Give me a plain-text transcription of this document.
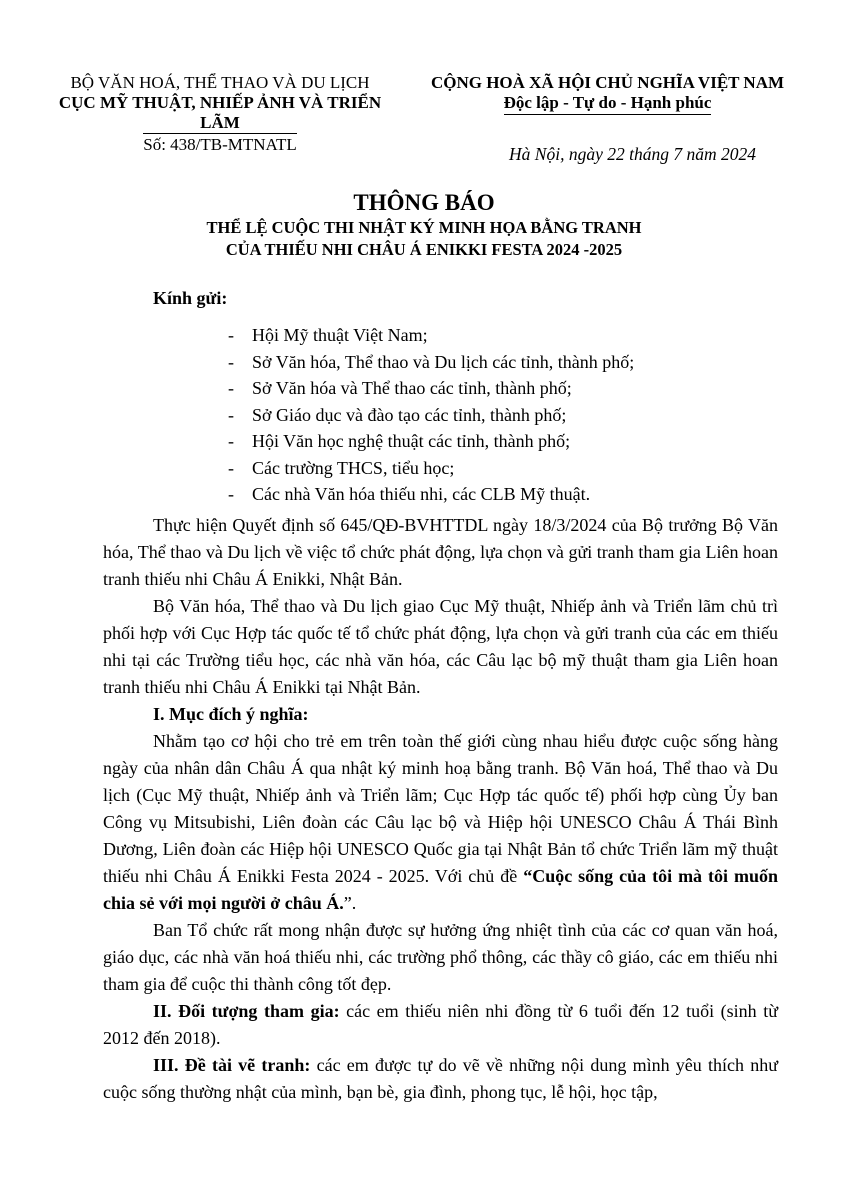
BỘ VĂN HOÁ, THỂ THAO VÀ DU LỊCH
CỤC MỸ THUẬT, NHIẾP ẢNH VÀ TRIỂN LÃM
Số: 438/TB-MTNATL
CỘNG HOÀ XÃ HỘI CHỦ NGHĨA VIỆT NAM
Độc lập - Tự do - Hạnh phúc
Hà Nội, ngày 22 tháng 7 năm 2024
THÔNG BÁO
THỂ LỆ CUỘC THI NHẬT KÝ MINH HỌA BẰNG TRANH
CỦA THIẾU NHI CHÂU Á ENIKKI FESTA 2024 -2025
Kính gửi:
- Hội Mỹ thuật Việt Nam;
- Sở Văn hóa, Thể thao và Du lịch các tỉnh, thành phố;
- Sở Văn hóa và Thể thao các tỉnh, thành phố;
- Sở Giáo dục và đào tạo các tỉnh, thành phố;
- Hội Văn học nghệ thuật các tỉnh, thành phố;
- Các trường THCS, tiểu học;
- Các nhà Văn hóa thiếu nhi, các CLB Mỹ thuật.

Thực hiện Quyết định số 645/QĐ-BVHTTDL ngày 18/3/2024 của Bộ trưởng Bộ Văn hóa, Thể thao và Du lịch về việc tổ chức phát động, lựa chọn và gửi tranh tham gia Liên hoan tranh thiếu nhi Châu Á Enikki, Nhật Bản.

Bộ Văn hóa, Thể thao và Du lịch giao Cục Mỹ thuật, Nhiếp ảnh và Triển lãm chủ trì phối hợp với Cục Hợp tác quốc tế tổ chức phát động, lựa chọn và gửi tranh của các em thiếu nhi tại các Trường tiểu học, các nhà văn hóa, các Câu lạc bộ mỹ thuật tham gia Liên hoan tranh thiếu nhi Châu Á Enikki tại Nhật Bản.

I. Mục đích ý nghĩa:

Nhằm tạo cơ hội cho trẻ em trên toàn thế giới cùng nhau hiểu được cuộc sống hàng ngày của nhân dân Châu Á qua nhật ký minh hoạ bằng tranh. Bộ Văn hoá, Thể thao và Du lịch (Cục Mỹ thuật, Nhiếp ảnh và Triển lãm; Cục Hợp tác quốc tế) phối hợp cùng Ủy ban Công vụ Mitsubishi, Liên đoàn các Câu lạc bộ và Hiệp hội UNESCO Châu Á Thái Bình Dương, Liên đoàn các Hiệp hội UNESCO Quốc gia tại Nhật Bản tổ chức Triển lãm mỹ thuật thiếu nhi Châu Á Enikki Festa 2024 - 2025. Với chủ đề “Cuộc sống của tôi mà tôi muốn chia sẻ với mọi người ở châu Á.”.

Ban Tổ chức rất mong nhận được sự hưởng ứng nhiệt tình của các cơ quan văn hoá, giáo dục, các nhà văn hoá thiếu nhi, các trường phổ thông, các thầy cô giáo, các em thiếu nhi tham gia để cuộc thi thành công tốt đẹp.

II. Đối tượng tham gia: các em thiếu niên nhi đồng từ 6 tuổi đến 12 tuổi (sinh từ 2012 đến 2018).

III. Đề tài vẽ tranh: các em được tự do vẽ về những nội dung mình yêu thích như cuộc sống thường nhật của mình, bạn bè, gia đình, phong tục, lễ hội, học tập,
